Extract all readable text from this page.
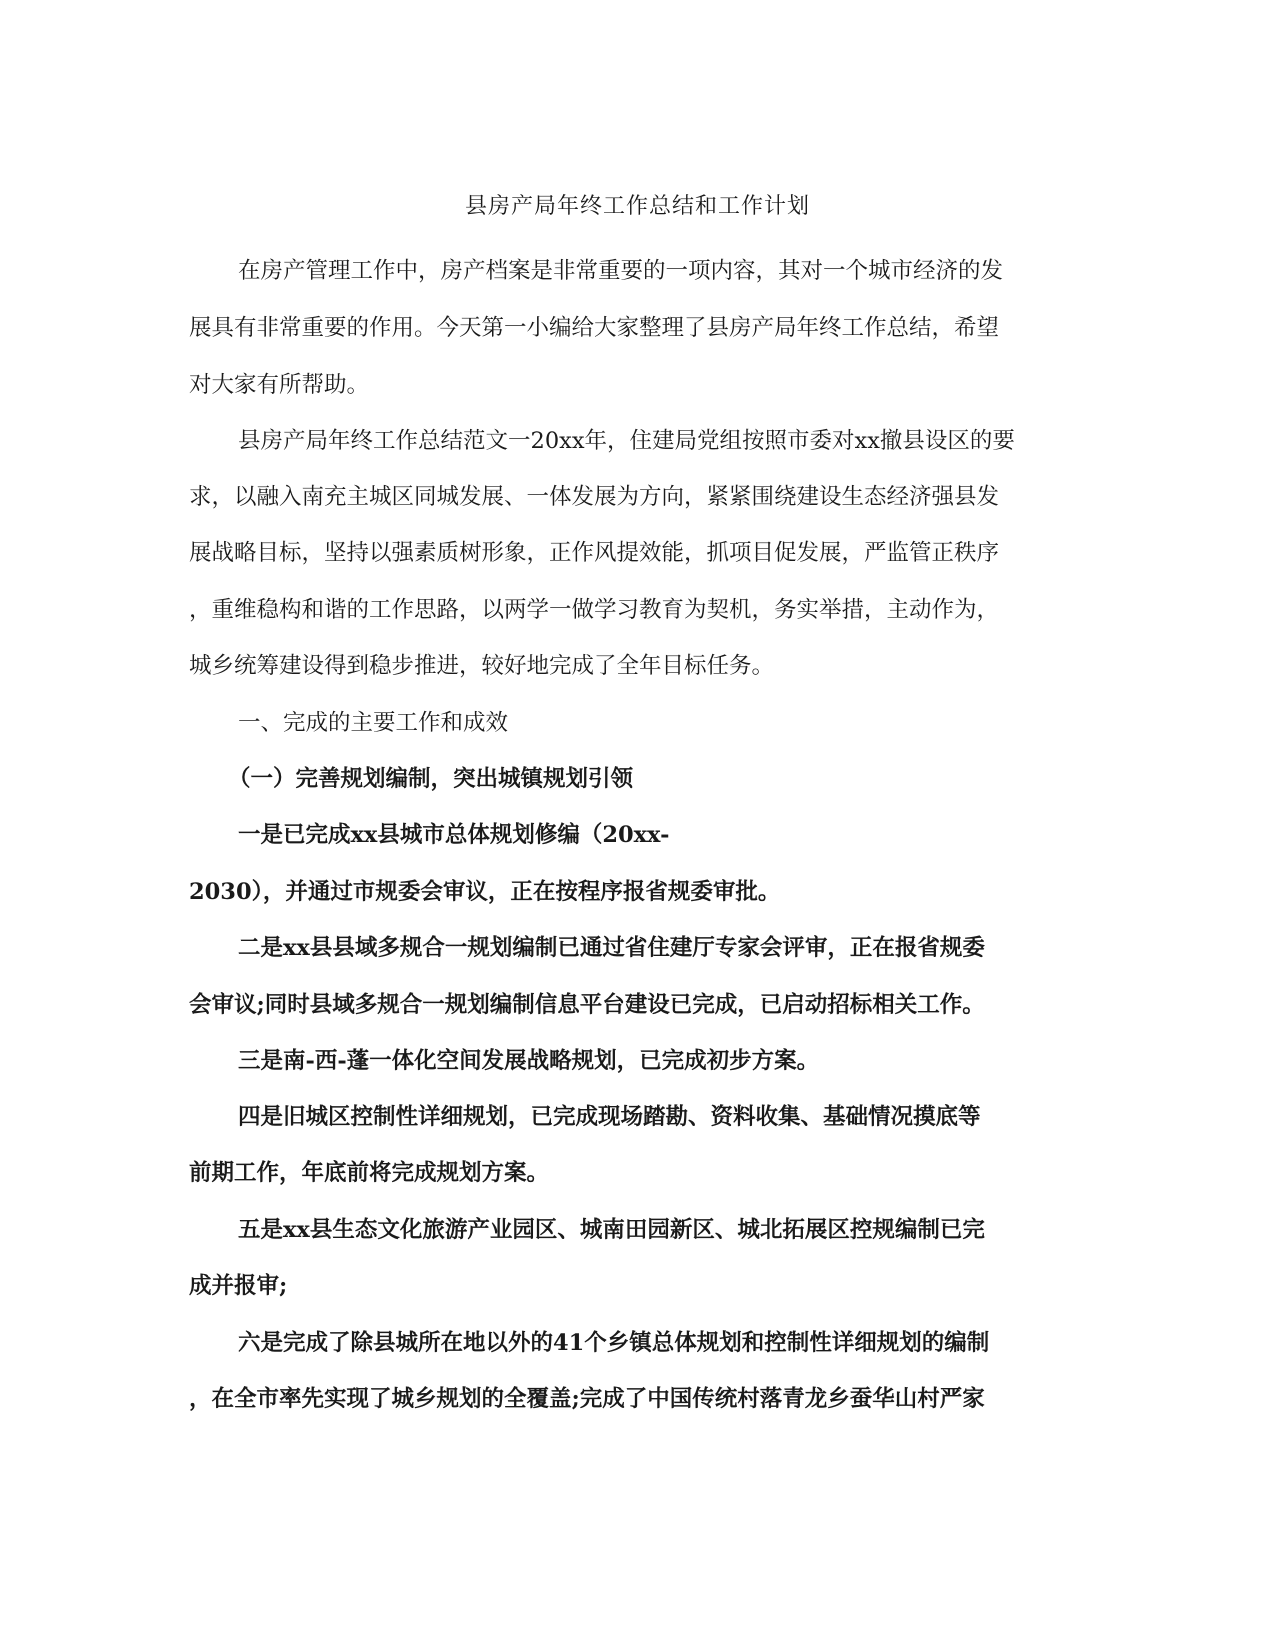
县房产局年终工作总结和工作计划
在房产管理工作中，房产档案是非常重要的一项内容，其对一个城市经济的发
展具有非常重要的作用。今天第一小编给大家整理了县房产局年终工作总结，希望
对大家有所帮助。
县房产局年终工作总结范文一20xx年，住建局党组按照市委对xx撤县设区的要
求，以融入南充主城区同城发展、一体发展为方向，紧紧围绕建设生态经济强县发
展战略目标，坚持以强素质树形象，正作风提效能，抓项目促发展，严监管正秩序
，重维稳构和谐的工作思路，以两学一做学习教育为契机，务实举措，主动作为，
城乡统筹建设得到稳步推进，较好地完成了全年目标任务。
一、完成的主要工作和成效
（一）完善规划编制，突出城镇规划引领
一是已完成xx县城市总体规划修编（20xx-
2030），并通过市规委会审议，正在按程序报省规委审批。
二是xx县县域多规合一规划编制已通过省住建厅专家会评审，正在报省规委
会审议;同时县域多规合一规划编制信息平台建设已完成，已启动招标相关工作。
三是南-西-蓬一体化空间发展战略规划，已完成初步方案。
四是旧城区控制性详细规划，已完成现场踏勘、资料收集、基础情况摸底等
前期工作，年底前将完成规划方案。
五是xx县生态文化旅游产业园区、城南田园新区、城北拓展区控规编制已完
成并报审;
六是完成了除县城所在地以外的41个乡镇总体规划和控制性详细规划的编制
，在全市率先实现了城乡规划的全覆盖;完成了中国传统村落青龙乡蚕华山村严家
